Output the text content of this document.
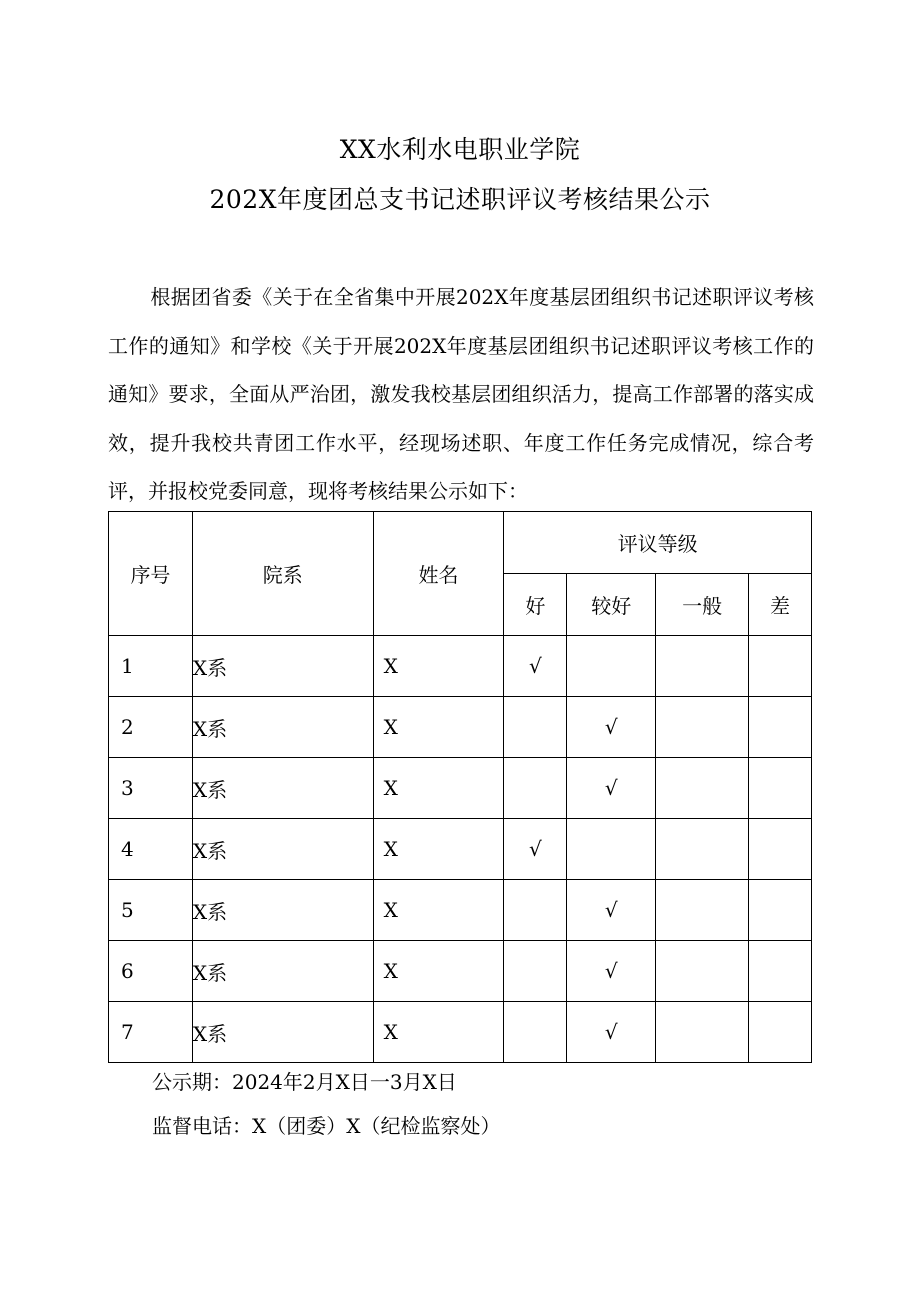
XX水利水电职业学院
202X年度团总支书记述职评议考核结果公示
根据团省委《关于在全省集中开展202X年度基层团组织书记述职评议考核工作的通知》和学校《关于开展202X年度基层团组织书记述职评议考核工作的通知》要求，全面从严治团，激发我校基层团组织活力，提高工作部署的落实成效，提升我校共青团工作水平，经现场述职、年度工作任务完成情况，综合考评，并报校党委同意，现将考核结果公示如下：
序号	院系	姓名	评议等级			
			好	较好	一般	差
1	X系	X	√			
2	X系	X		√		
3	X系	X		√		
4	X系	X	√			
5	X系	X		√		
6	X系	X		√		
7	X系	X		√		
公示期：2024年2月X日一3月X日
监督电话：X（团委）X（纪检监察处）
